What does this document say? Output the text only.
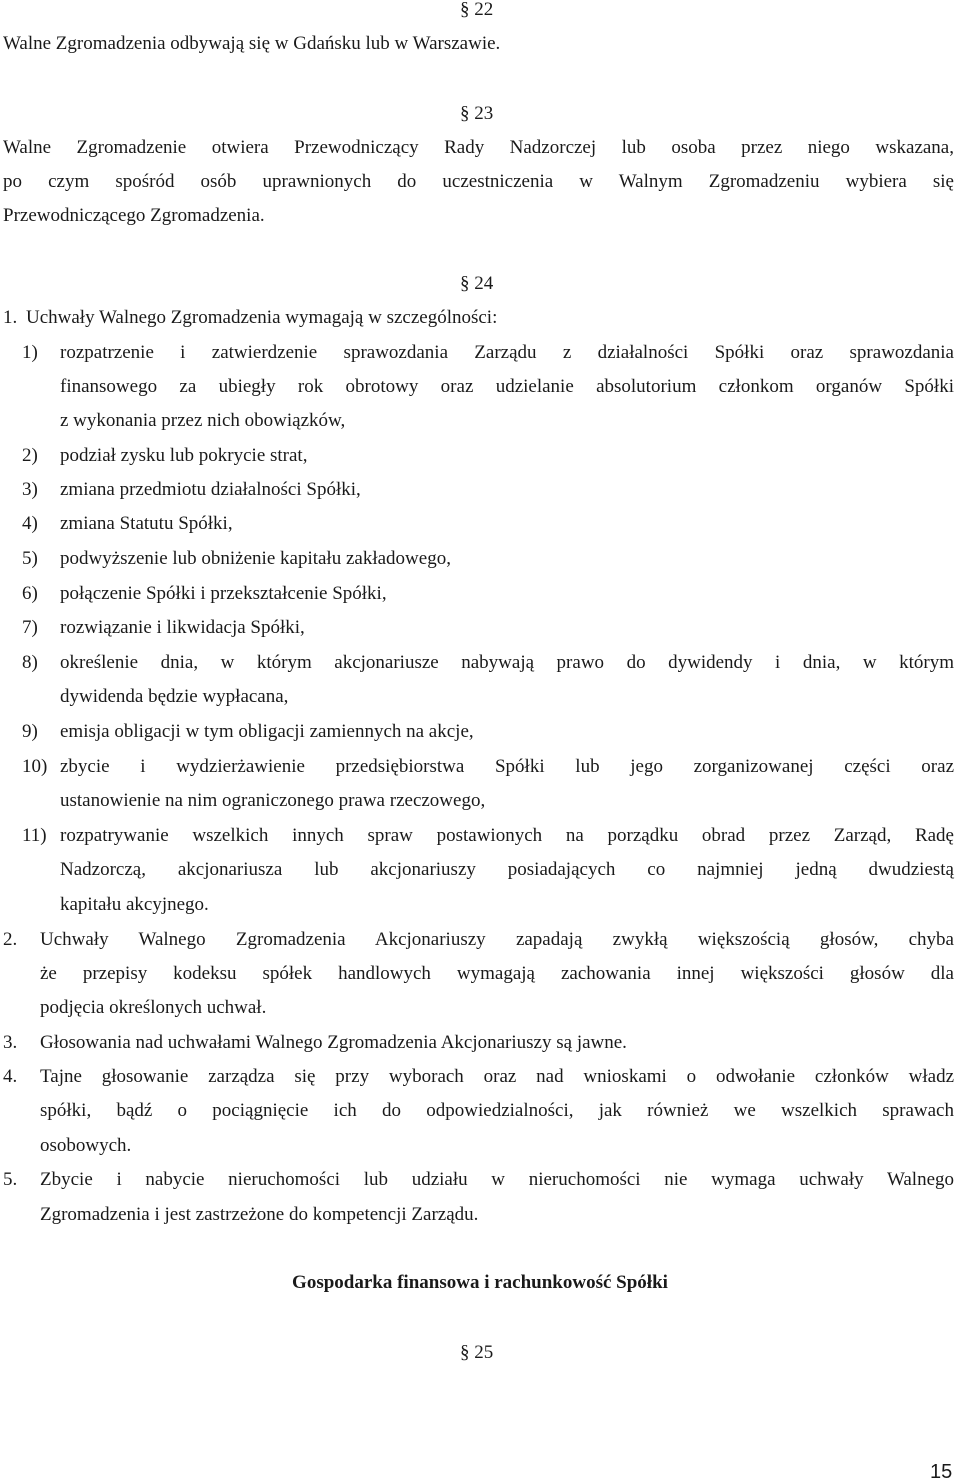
§ 22
Walne Zgromadzenia odbywają się w Gdańsku lub w Warszawie.
§ 23
Walne Zgromadzenie otwiera Przewodniczący Rady Nadzorczej lub osoba przez niego wskazana,
po czym spośród osób uprawnionych do uczestniczenia w Walnym Zgromadzeniu wybiera się
Przewodniczącego Zgromadzenia.
§ 24
1. Uchwały Walnego Zgromadzenia wymagają w szczególności:
1) rozpatrzenie i zatwierdzenie sprawozdania Zarządu z działalności Spółki oraz sprawozdania
finansowego za ubiegły rok obrotowy oraz udzielanie absolutorium członkom organów Spółki
z wykonania przez nich obowiązków,
2) podział zysku lub pokrycie strat,
3) zmiana przedmiotu działalności Spółki,
4) zmiana Statutu Spółki,
5) podwyższenie lub obniżenie kapitału zakładowego,
6) połączenie Spółki i przekształcenie Spółki,
7) rozwiązanie i likwidacja Spółki,
8) określenie dnia, w którym akcjonariusze nabywają prawo do dywidendy i dnia, w którym
dywidenda będzie wypłacana,
9) emisja obligacji w tym obligacji zamiennych na akcje,
10) zbycie i wydzierżawienie przedsiębiorstwa Spółki lub jego zorganizowanej części oraz
ustanowienie na nim ograniczonego prawa rzeczowego,
11) rozpatrywanie wszelkich innych spraw postawionych na porządku obrad przez Zarząd, Radę
Nadzorczą, akcjonariusza lub akcjonariuszy posiadających co najmniej jedną dwudziestą
kapitału akcyjnego.
2. Uchwały Walnego Zgromadzenia Akcjonariuszy zapadają zwykłą większością głosów, chyba
że przepisy kodeksu spółek handlowych wymagają zachowania innej większości głosów dla
podjęcia określonych uchwał.
3. Głosowania nad uchwałami Walnego Zgromadzenia Akcjonariuszy są jawne.
4. Tajne głosowanie zarządza się przy wyborach oraz nad wnioskami o odwołanie członków władz
spółki, bądź o pociągnięcie ich do odpowiedzialności, jak również we wszelkich sprawach
osobowych.
5. Zbycie i nabycie nieruchomości lub udziału w nieruchomości nie wymaga uchwały Walnego
Zgromadzenia i jest zastrzeżone do kompetencji Zarządu.
Gospodarka finansowa i rachunkowość Spółki
§ 25
15
